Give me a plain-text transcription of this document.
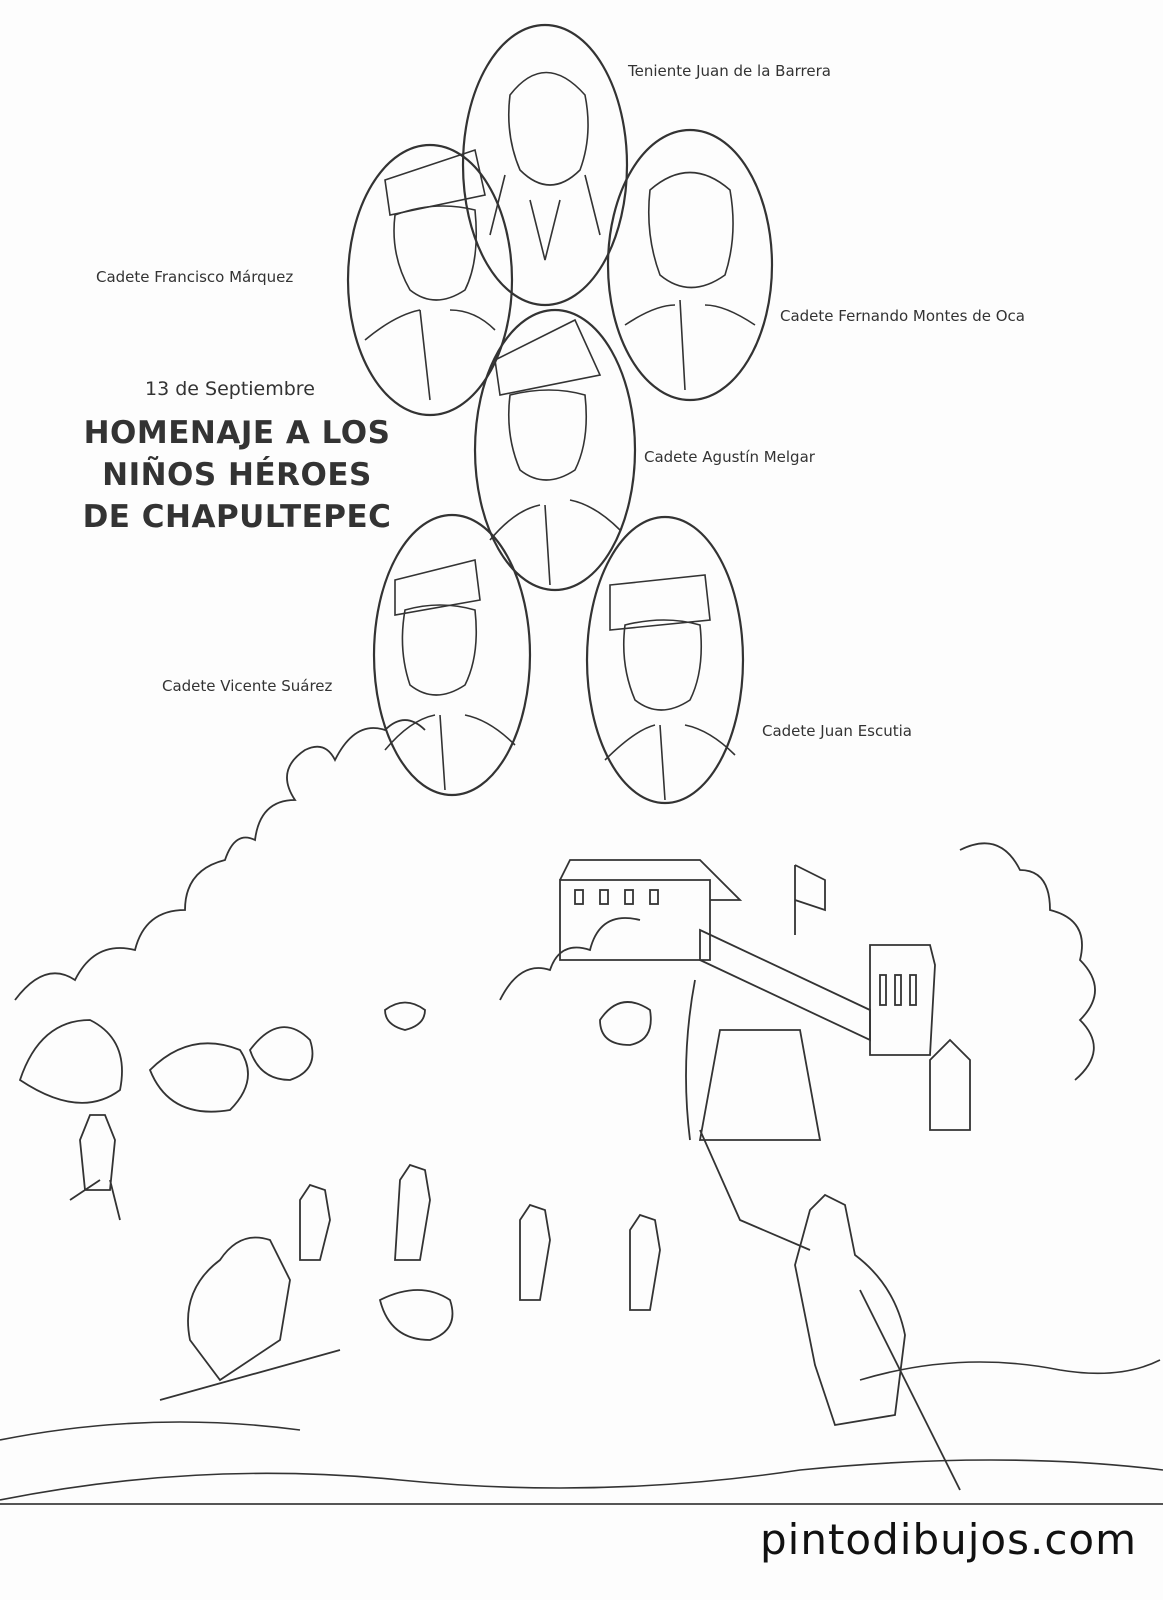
Teniente Juan de la Barrera
Cadete Francisco Márquez
Cadete Fernando Montes de Oca
Cadete Agustín Melgar
Cadete Vicente Suárez
Cadete Juan Escutia
13 de Septiembre
HOMENAJE A LOS
NIÑOS HÉROES
DE CHAPULTEPEC
pintodibujos.com
